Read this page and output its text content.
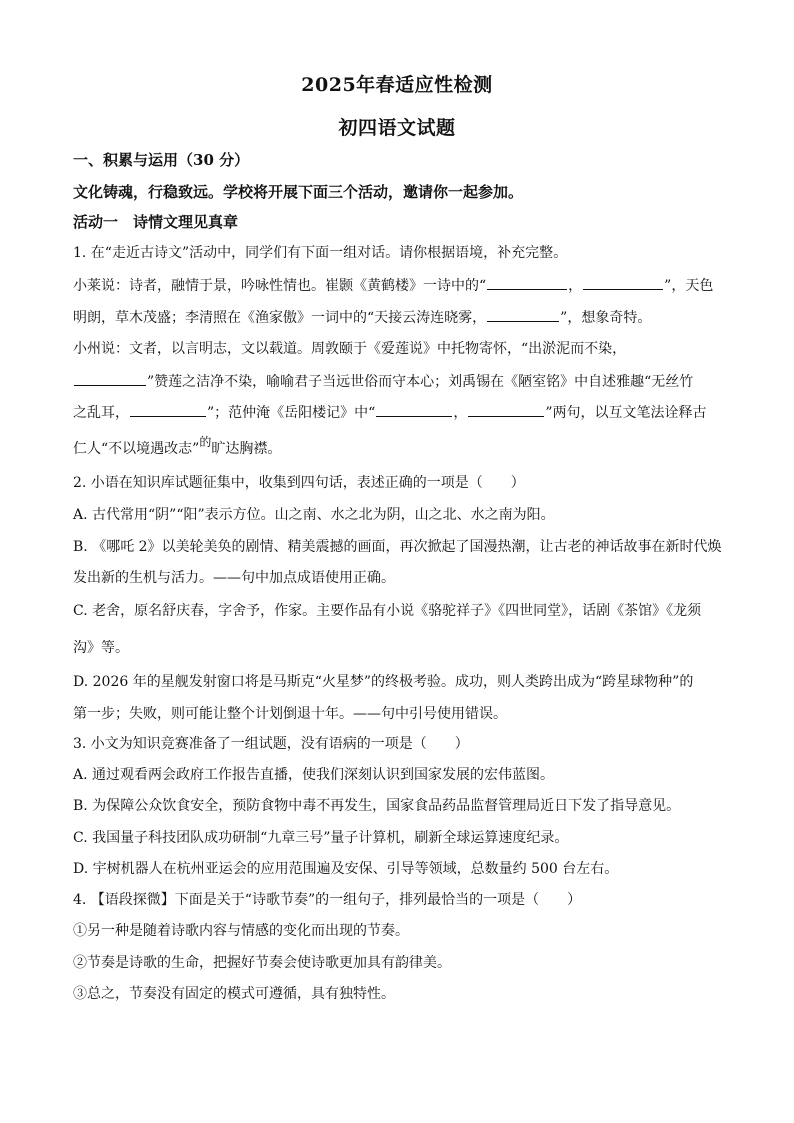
2025年春适应性检测
初四语文试题
一、积累与运用（30 分）
文化铸魂，行稳致远。学校将开展下面三个活动，邀请你一起参加。
活动一　诗情文理见真章
1. 在“走近古诗文”活动中，同学们有下面一组对话。请你根据语境，补充完整。
小莱说：诗者，融情于景，吟咏性情也。崔颢《黄鹤楼》一诗中的“	，	”，天色
明朗，草木茂盛；李清照在《渔家傲》一词中的“天接云涛连晓雾，	”，想象奇特。
小州说：文者，以言明志，文以载道。周敦颐于《爱莲说》中托物寄怀，“出淤泥而不染，
”赞莲之洁净不染，喻喻君子当远世俗而守本心；刘禹锡在《陋室铭》中自述雅趣“无丝竹
之乱耳，	”；范仲淹《岳阳楼记》中“	，	”两句，以互文笔法诠释古
仁人“不以境遇改志”的旷达胸襟。
2. 小语在知识库试题征集中，收集到四句话，表述正确的一项是（　　）
A. 古代常用“阴”“阳”表示方位。山之南、水之北为阴，山之北、水之南为阳。
B. 《哪吒 2》以美轮美奂的剧情、精美震撼的画面，再次掀起了国漫热潮，让古老的神话故事在新时代焕
发出新的生机与活力。——句中加点成语使用正确。
C. 老舍，原名舒庆春，字舍予，作家。主要作品有小说《骆驼祥子》《四世同堂》，话剧《茶馆》《龙须
沟》等。
D. 2026 年的星舰发射窗口将是马斯克“火星梦”的终极考验。成功，则人类跨出成为“跨星球物种”的
第一步；失败，则可能让整个计划倒退十年。——句中引号使用错误。
3. 小文为知识竞赛准备了一组试题，没有语病的一项是（　　）
A. 通过观看两会政府工作报告直播，使我们深刻认识到国家发展的宏伟蓝图。
B. 为保障公众饮食安全，预防食物中毒不再发生，国家食品药品监督管理局近日下发了指导意见。
C. 我国量子科技团队成功研制“九章三号”量子计算机，刷新全球运算速度纪录。
D. 宇树机器人在杭州亚运会的应用范围遍及安保、引导等领域，总数量约 500 台左右。
4. 【语段探微】下面是关于“诗歌节奏”的一组句子，排列最恰当的一项是（　　）
①另一种是随着诗歌内容与情感的变化而出现的节奏。
②节奏是诗歌的生命，把握好节奏会使诗歌更加具有韵律美。
③总之，节奏没有固定的模式可遵循，具有独特性。
